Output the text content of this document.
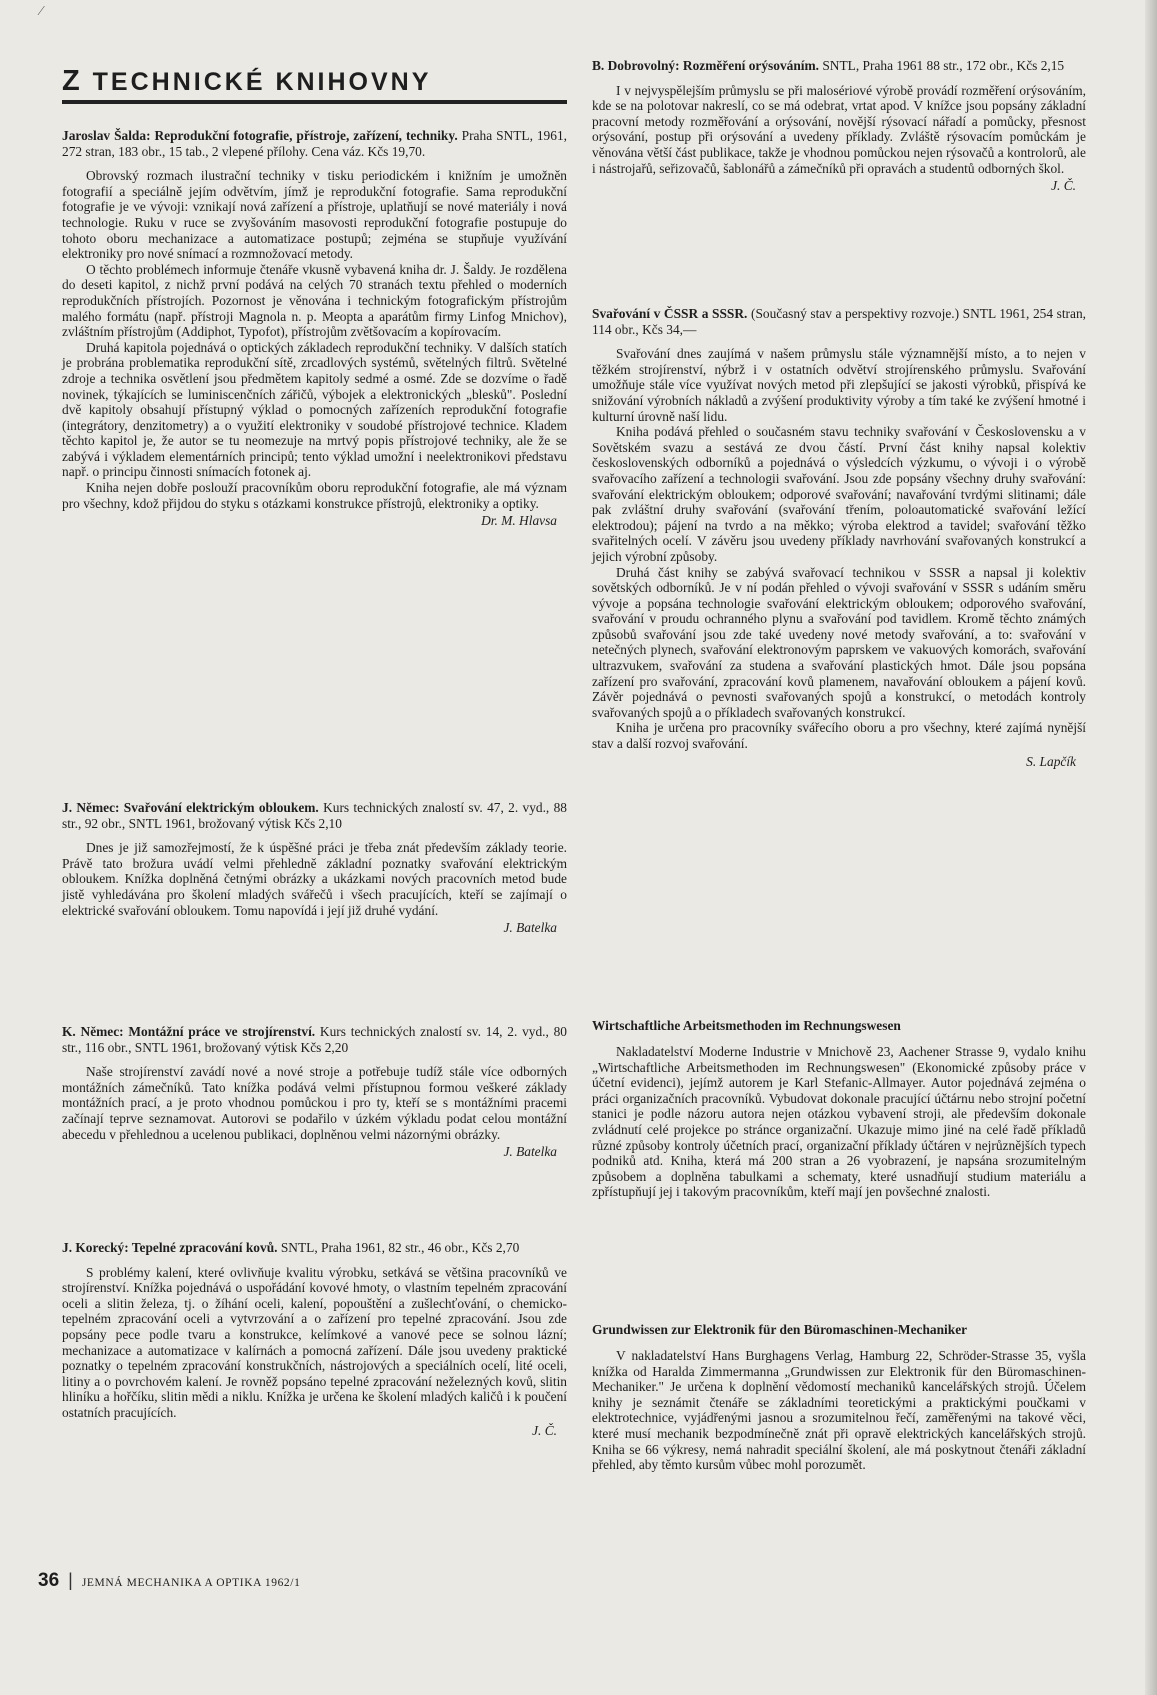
⁄
Z TECHNICKÉ KNIHOVNY

Jaroslav Šalda: Reprodukční fotografie, přístroje, zařízení, techniky. Praha SNTL, 1961, 272 stran, 183 obr., 15 tab., 2 vlepené přílohy. Cena váz. Kčs 19,70.

Obrovský rozmach ilustrační techniky v tisku periodickém i knižním je umožněn fotografií a speciálně jejím odvětvím, jímž je reprodukční fotografie. Sama reprodukční fotografie je ve vývoji: vznikají nová zařízení a přístroje, uplatňují se nové materiály i nová technologie. Ruku v ruce se zvyšováním masovosti reprodukční fotografie postupuje do tohoto oboru mechanizace a automatizace postupů; zejména se stupňuje využívání elektroniky pro nové snímací a rozmnožovací metody.

O těchto problémech informuje čtenáře vkusně vybavená kniha dr. J. Šaldy. Je rozdělena do deseti kapitol, z nichž první podává na celých 70 stranách textu přehled o moderních reprodukčních přístrojích. Pozornost je věnována i technickým fotografickým přístrojům malého formátu (např. přístroji Magnola n. p. Meopta a aparátům firmy Linfog Mnichov), zvláštním přístrojům (Addiphot, Typofot), přístrojům zvětšovacím a kopírovacím.

Druhá kapitola pojednává o optických základech reprodukční techniky. V dalších statích je probrána problematika reprodukční sítě, zrcadlových systémů, světelných filtrů. Světelné zdroje a technika osvětlení jsou předmětem kapitoly sedmé a osmé. Zde se dozvíme o řadě novinek, týkajících se luminiscenčních zářičů, výbojek a elektronických „blesků". Poslední dvě kapitoly obsahují přístupný výklad o pomocných zařízeních reprodukční fotografie (integrátory, denzitometry) a o využití elektroniky v soudobé přístrojové technice. Kladem těchto kapitol je, že autor se tu neomezuje na mrtvý popis přístrojové techniky, ale že se zabývá i výkladem elementárních principů; tento výklad umožní i neelektronikovi představu např. o principu činnosti snímacích fotonek aj.

Kniha nejen dobře poslouží pracovníkům oboru reprodukční fotografie, ale má význam pro všechny, kdož přijdou do styku s otázkami konstrukce přístrojů, elektroniky a optiky.

Dr. M. Hlavsa

J. Němec: Svařování elektrickým obloukem. Kurs technických znalostí sv. 47, 2. vyd., 88 str., 92 obr., SNTL 1961, brožovaný výtisk Kčs 2,10

Dnes je již samozřejmostí, že k úspěšné práci je třeba znát především základy teorie. Právě tato brožura uvádí velmi přehledně základní poznatky svařování elektrickým obloukem. Knížka doplněná četnými obrázky a ukázkami nových pracovních metod bude jistě vyhledávána pro školení mladých svářečů i všech pracujících, kteří se zajímají o elektrické svařování obloukem. Tomu napovídá i její již druhé vydání.

J. Batelka

K. Němec: Montážní práce ve strojírenství. Kurs technických znalostí sv. 14, 2. vyd., 80 str., 116 obr., SNTL 1961, brožovaný výtisk Kčs 2,20

Naše strojírenství zavádí nové a nové stroje a potřebuje tudíž stále více odborných montážních zámečníků. Tato knížka podává velmi přístupnou formou veškeré základy montážních prací, a je proto vhodnou pomůckou i pro ty, kteří se s montážními pracemi začínají teprve seznamovat. Autorovi se podařilo v úzkém výkladu podat celou montážní abecedu v přehlednou a ucelenou publikaci, doplněnou velmi názornými obrázky.

J. Batelka

J. Korecký: Tepelné zpracování kovů. SNTL, Praha 1961, 82 str., 46 obr., Kčs 2,70

S problémy kalení, které ovlivňuje kvalitu výrobku, setkává se většina pracovníků ve strojírenství. Knížka pojednává o uspořádání kovové hmoty, o vlastním tepelném zpracování oceli a slitin železa, tj. o žíhání oceli, kalení, popouštění a zušlechťování, o chemicko-tepelném zpracování oceli a vytvrzování a o zařízení pro tepelné zpracování. Jsou zde popsány pece podle tvaru a konstrukce, kelímkové a vanové pece se solnou lázní; mechanizace a automatizace v kalírnách a pomocná zařízení. Dále jsou uvedeny praktické poznatky o tepelném zpracování konstrukčních, nástrojových a speciálních ocelí, lité oceli, litiny a o povrchovém kalení. Je rovněž popsáno tepelné zpracování neželezných kovů, slitin hliníku a hořčíku, slitin mědi a niklu. Knížka je určena ke školení mladých kaličů i k poučení ostatních pracujících.

J. Č.

B. Dobrovolný: Rozměření orýsováním. SNTL, Praha 1961 88 str., 172 obr., Kčs 2,15

I v nejvyspělejším průmyslu se při malosériové výrobě provádí rozměření orýsováním, kde se na polotovar nakreslí, co se má odebrat, vrtat apod. V knížce jsou popsány základní pracovní metody rozměřování a orýsování, novější rýsovací nářadí a pomůcky, přesnost orýsování, postup při orýsování a uvedeny příklady. Zvláště rýsovacím pomůckám je věnována větší část publikace, takže je vhodnou pomůckou nejen rýsovačů a kontrolorů, ale i nástrojařů, seřizovačů, šablonářů a zámečníků při opravách a studentů odborných škol.

J. Č.

Svařování v ČSSR a SSSR. (Současný stav a perspektivy rozvoje.) SNTL 1961, 254 stran, 114 obr., Kčs 34,—

Svařování dnes zaujímá v našem průmyslu stále významnější místo, a to nejen v těžkém strojírenství, nýbrž i v ostatních odvětví strojírenského průmyslu. Svařování umožňuje stále více využívat nových metod při zlepšující se jakosti výrobků, přispívá ke snižování výrobních nákladů a zvýšení produktivity výroby a tím také ke zvýšení hmotné i kulturní úrovně naší lidu.

Kniha podává přehled o současném stavu techniky svařování v Československu a v Sovětském svazu a sestává ze dvou částí. První část knihy napsal kolektiv československých odborníků a pojednává o výsledcích výzkumu, o vývoji i o výrobě svařovacího zařízení a technologii svařování. Jsou zde popsány všechny druhy svařování: svařování elektrickým obloukem; odporové svařování; navařování tvrdými slitinami; dále pak zvláštní druhy svařování (svařování třením, poloautomatické svařování ležící elektrodou); pájení na tvrdo a na měkko; výroba elektrod a tavidel; svařování těžko svařitelných ocelí. V závěru jsou uvedeny příklady navrhování svařovaných konstrukcí a jejich výrobní způsoby.

Druhá část knihy se zabývá svařovací technikou v SSSR a napsal ji kolektiv sovětských odborníků. Je v ní podán přehled o vývoji svařování v SSSR s udáním směru vývoje a popsána technologie svařování elektrickým obloukem; odporového svařování, svařování v proudu ochranného plynu a svařování pod tavidlem. Kromě těchto známých způsobů svařování jsou zde také uvedeny nové metody svařování, a to: svařování v netečných plynech, svařování elektronovým paprskem ve vakuových komorách, svařování ultrazvukem, svařování za studena a svařování plastických hmot. Dále jsou popsána zařízení pro svařování, zpracování kovů plamenem, navařování obloukem a pájení kovů. Závěr pojednává o pevnosti svařovaných spojů a konstrukcí, o metodách kontroly svařovaných spojů a o příkladech svařovaných konstrukcí.

Kniha je určena pro pracovníky svářecího oboru a pro všechny, které zajímá nynější stav a další rozvoj svařování.

S. Lapčík

Wirtschaftliche Arbeitsmethoden im Rechnungswesen

Nakladatelství Moderne Industrie v Mnichově 23, Aachener Strasse 9, vydalo knihu „Wirtschaftliche Arbeitsmethoden im Rechnungswesen" (Ekonomické způsoby práce v účetní evidenci), jejímž autorem je Karl Stefanic-Allmayer. Autor pojednává zejména o práci organizačních pracovníků. Vybudovat dokonale pracující účtárnu nebo strojní početní stanici je podle názoru autora nejen otázkou vybavení stroji, ale především dokonale zvládnutí celé projekce po stránce organizační. Ukazuje mimo jiné na celé řadě příkladů různé způsoby kontroly účetních prací, organizační příklady účtáren v nejrůznějších typech podniků atd. Kniha, která má 200 stran a 26 vyobrazení, je napsána srozumitelným způsobem a doplněna tabulkami a schematy, které usnadňují studium materiálu a zpřístupňují jej i takovým pracovníkům, kteří mají jen povšechné znalosti.

Grundwissen zur Elektronik für den Büromaschinen-Mechaniker

V nakladatelství Hans Burghagens Verlag, Hamburg 22, Schröder-Strasse 35, vyšla knížka od Haralda Zimmermanna „Grundwissen zur Elektronik für den Büromaschinen-Mechaniker." Je určena k doplnění vědomostí mechaniků kancelářských strojů. Účelem knihy je seznámit čtenáře se základními teoretickými a praktickými poučkami v elektrotechnice, vyjádřenými jasnou a srozumitelnou řečí, zaměřenými na takové věci, které musí mechanik bezpodmínečně znát při opravě elektrických kancelářských strojů. Kniha se 66 výkresy, nemá nahradit speciální školení, ale má poskytnout čtenáři základní přehled, aby těmto kursům vůbec mohl porozumět.

36 | JEMNÁ MECHANIKA A OPTIKA 1962/1
